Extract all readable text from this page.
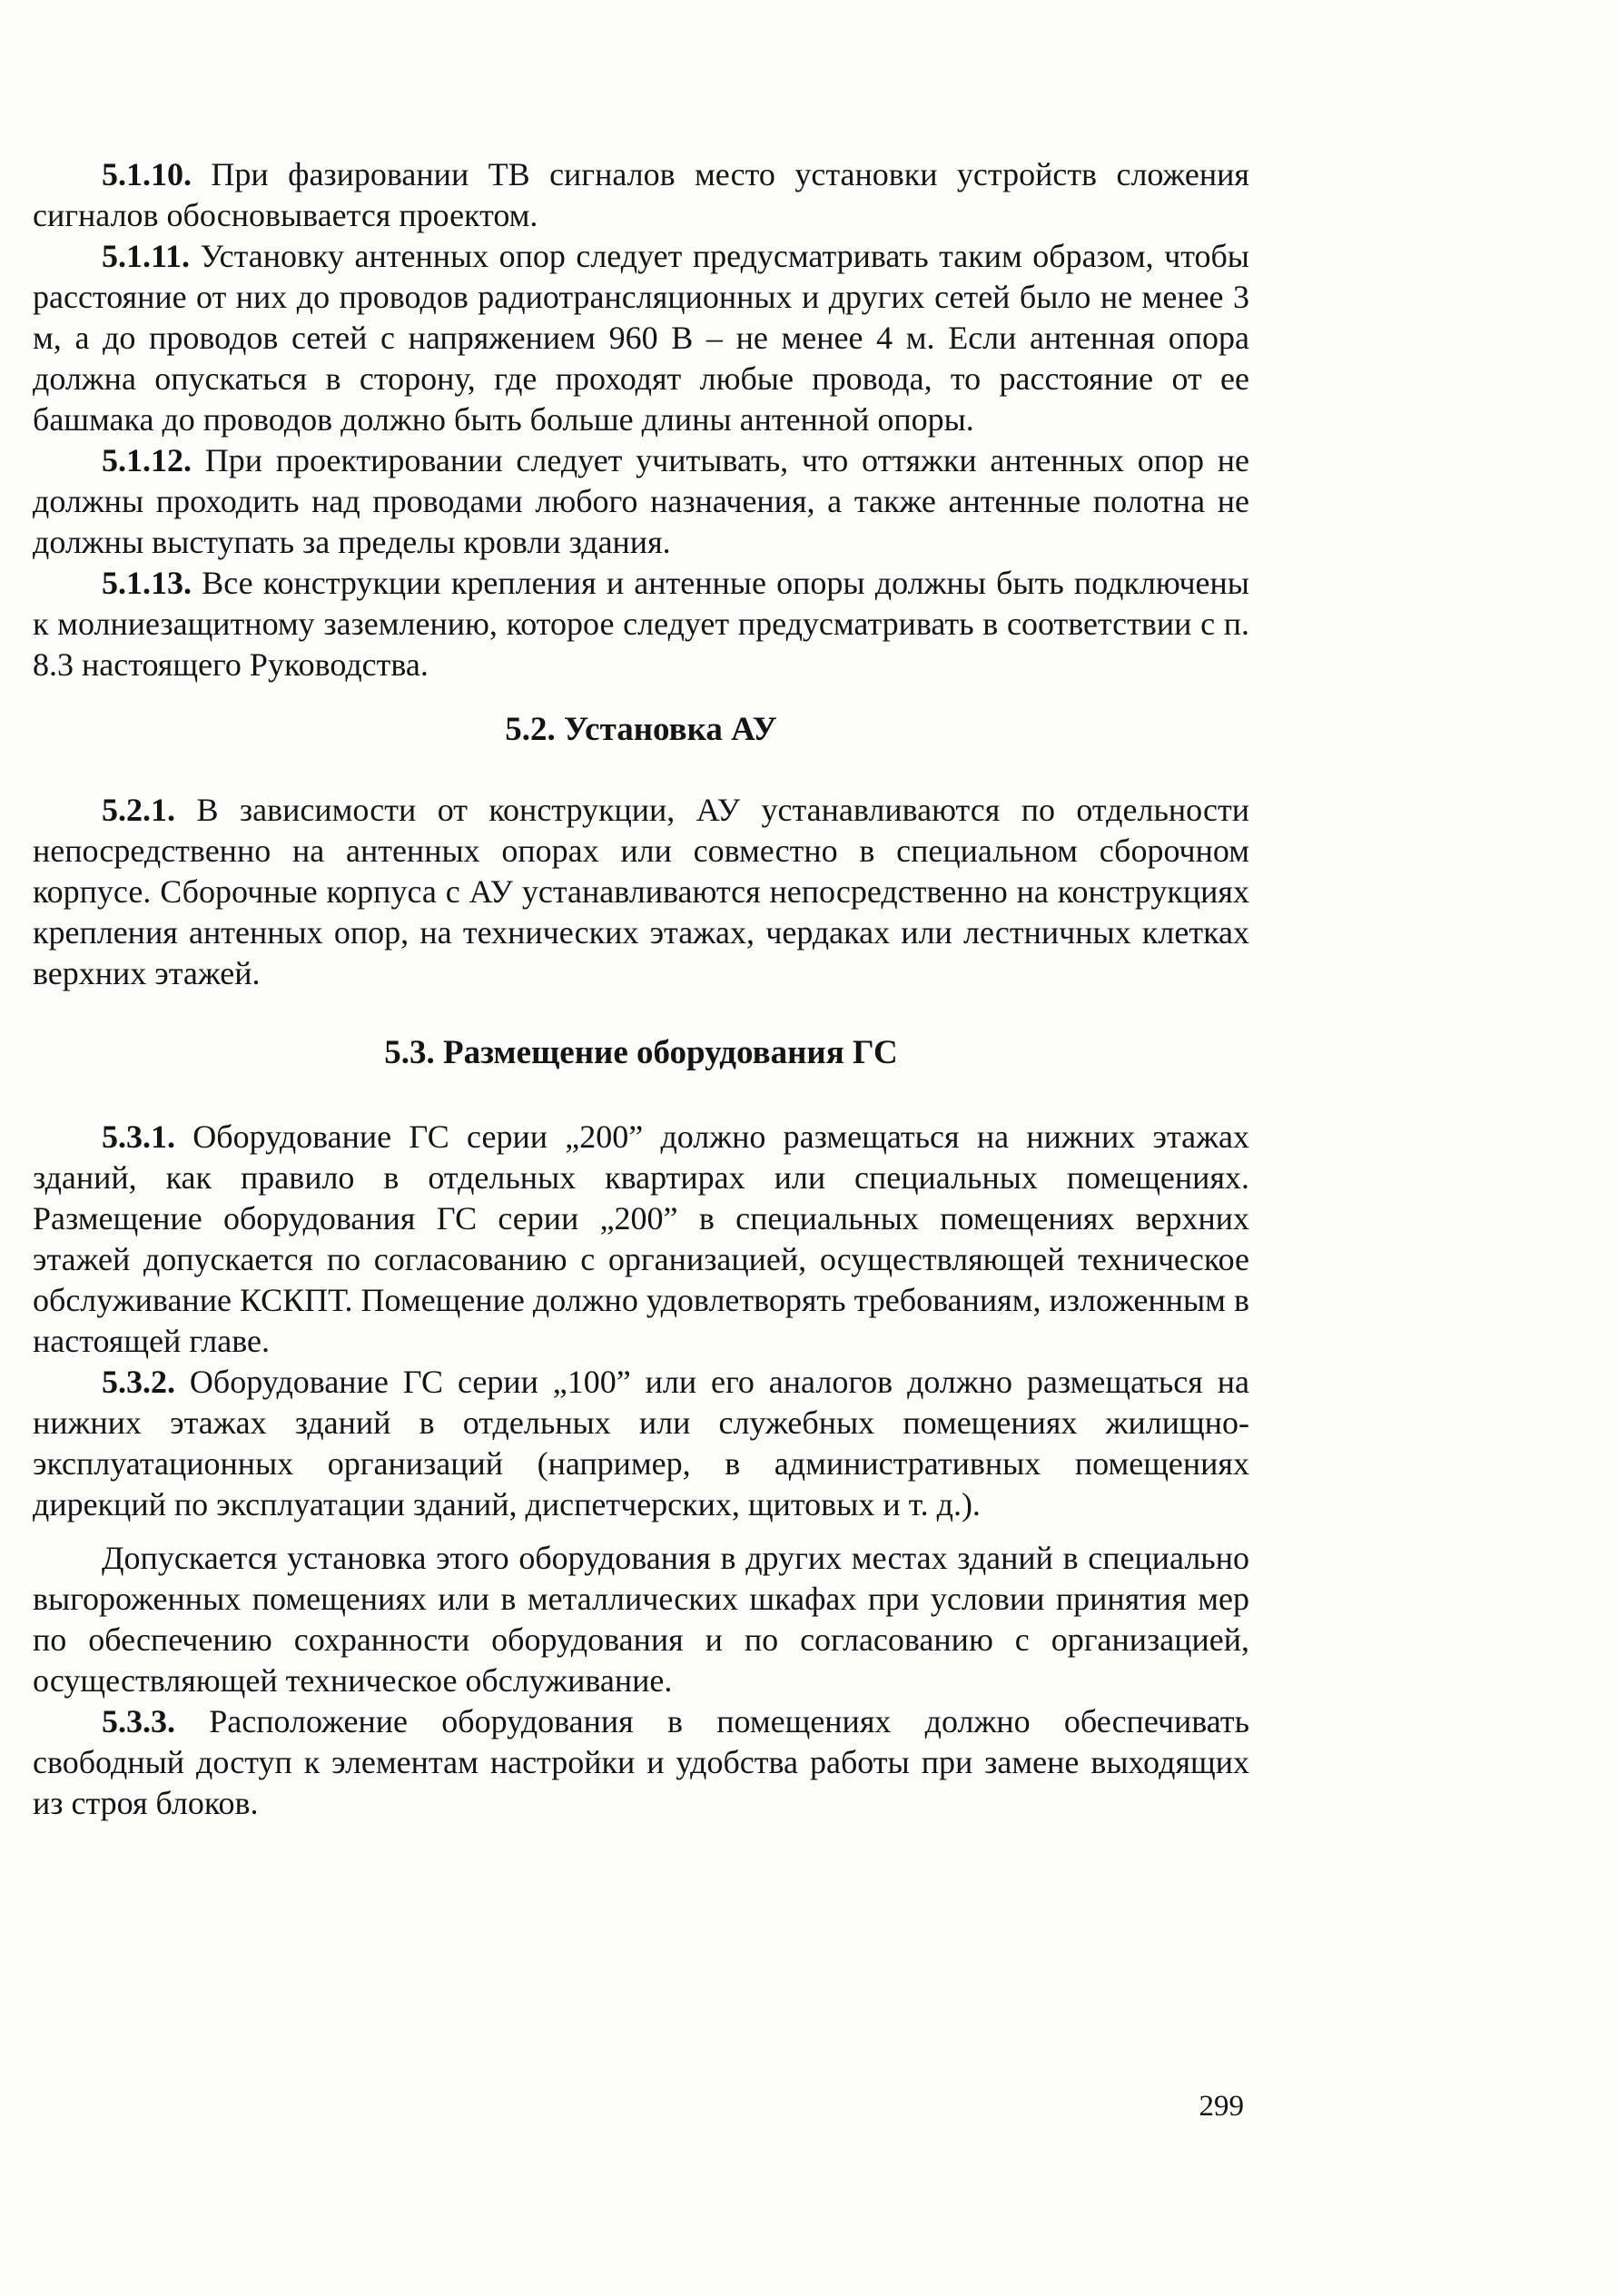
5.1.10. При фазировании ТВ сигналов место установки устройств сложения сигналов обосновывается проектом.

5.1.11. Установку антенных опор следует предусматривать таким образом, чтобы расстояние от них до проводов радиотрансляционных и других сетей было не менее 3 м, а до проводов сетей с напряжением 960 В – не менее 4 м. Если антенная опора должна опускаться в сторону, где проходят любые провода, то расстояние от ее башмака до проводов должно быть больше длины антенной опоры.

5.1.12. При проектировании следует учитывать, что оттяжки антенных опор не должны проходить над проводами любого назначения, а также антенные полотна не должны выступать за пределы кровли здания.

5.1.13. Все конструкции крепления и антенные опоры должны быть подключены к молниезащитному заземлению, которое следует предусматривать в соответствии с п. 8.3 настоящего Руководства.

5.2. Установка АУ

5.2.1. В зависимости от конструкции, АУ устанавливаются по отдельности непосредственно на антенных опорах или совместно в специальном сборочном корпусе. Сборочные корпуса с АУ устанавливаются непосредственно на конструкциях крепления антенных опор, на технических этажах, чердаках или лестничных клетках верхних этажей.

5.3. Размещение оборудования ГС

5.3.1. Оборудование ГС серии „200” должно размещаться на нижних этажах зданий, как правило в отдельных квартирах или специальных помещениях. Размещение оборудования ГС серии „200” в специальных помещениях верхних этажей допускается по согласованию с организацией, осуществляющей техническое обслуживание КСКПТ. Помещение должно удовлетворять требованиям, изложенным в настоящей главе.

5.3.2. Оборудование ГС серии „100” или его аналогов должно размещаться на нижних этажах зданий в отдельных или служебных помещениях жилищно-эксплуатационных организаций (например, в административных помещениях дирекций по эксплуатации зданий, диспетчерских, щитовых и т. д.).

Допускается установка этого оборудования в других местах зданий в специально выгороженных помещениях или в металлических шкафах при условии принятия мер по обеспечению сохранности оборудования и по согласованию с организацией, осуществляющей техническое обслуживание.

5.3.3. Расположение оборудования в помещениях должно обеспечивать свободный доступ к элементам настройки и удобства работы при замене выходящих из строя блоков.

299
